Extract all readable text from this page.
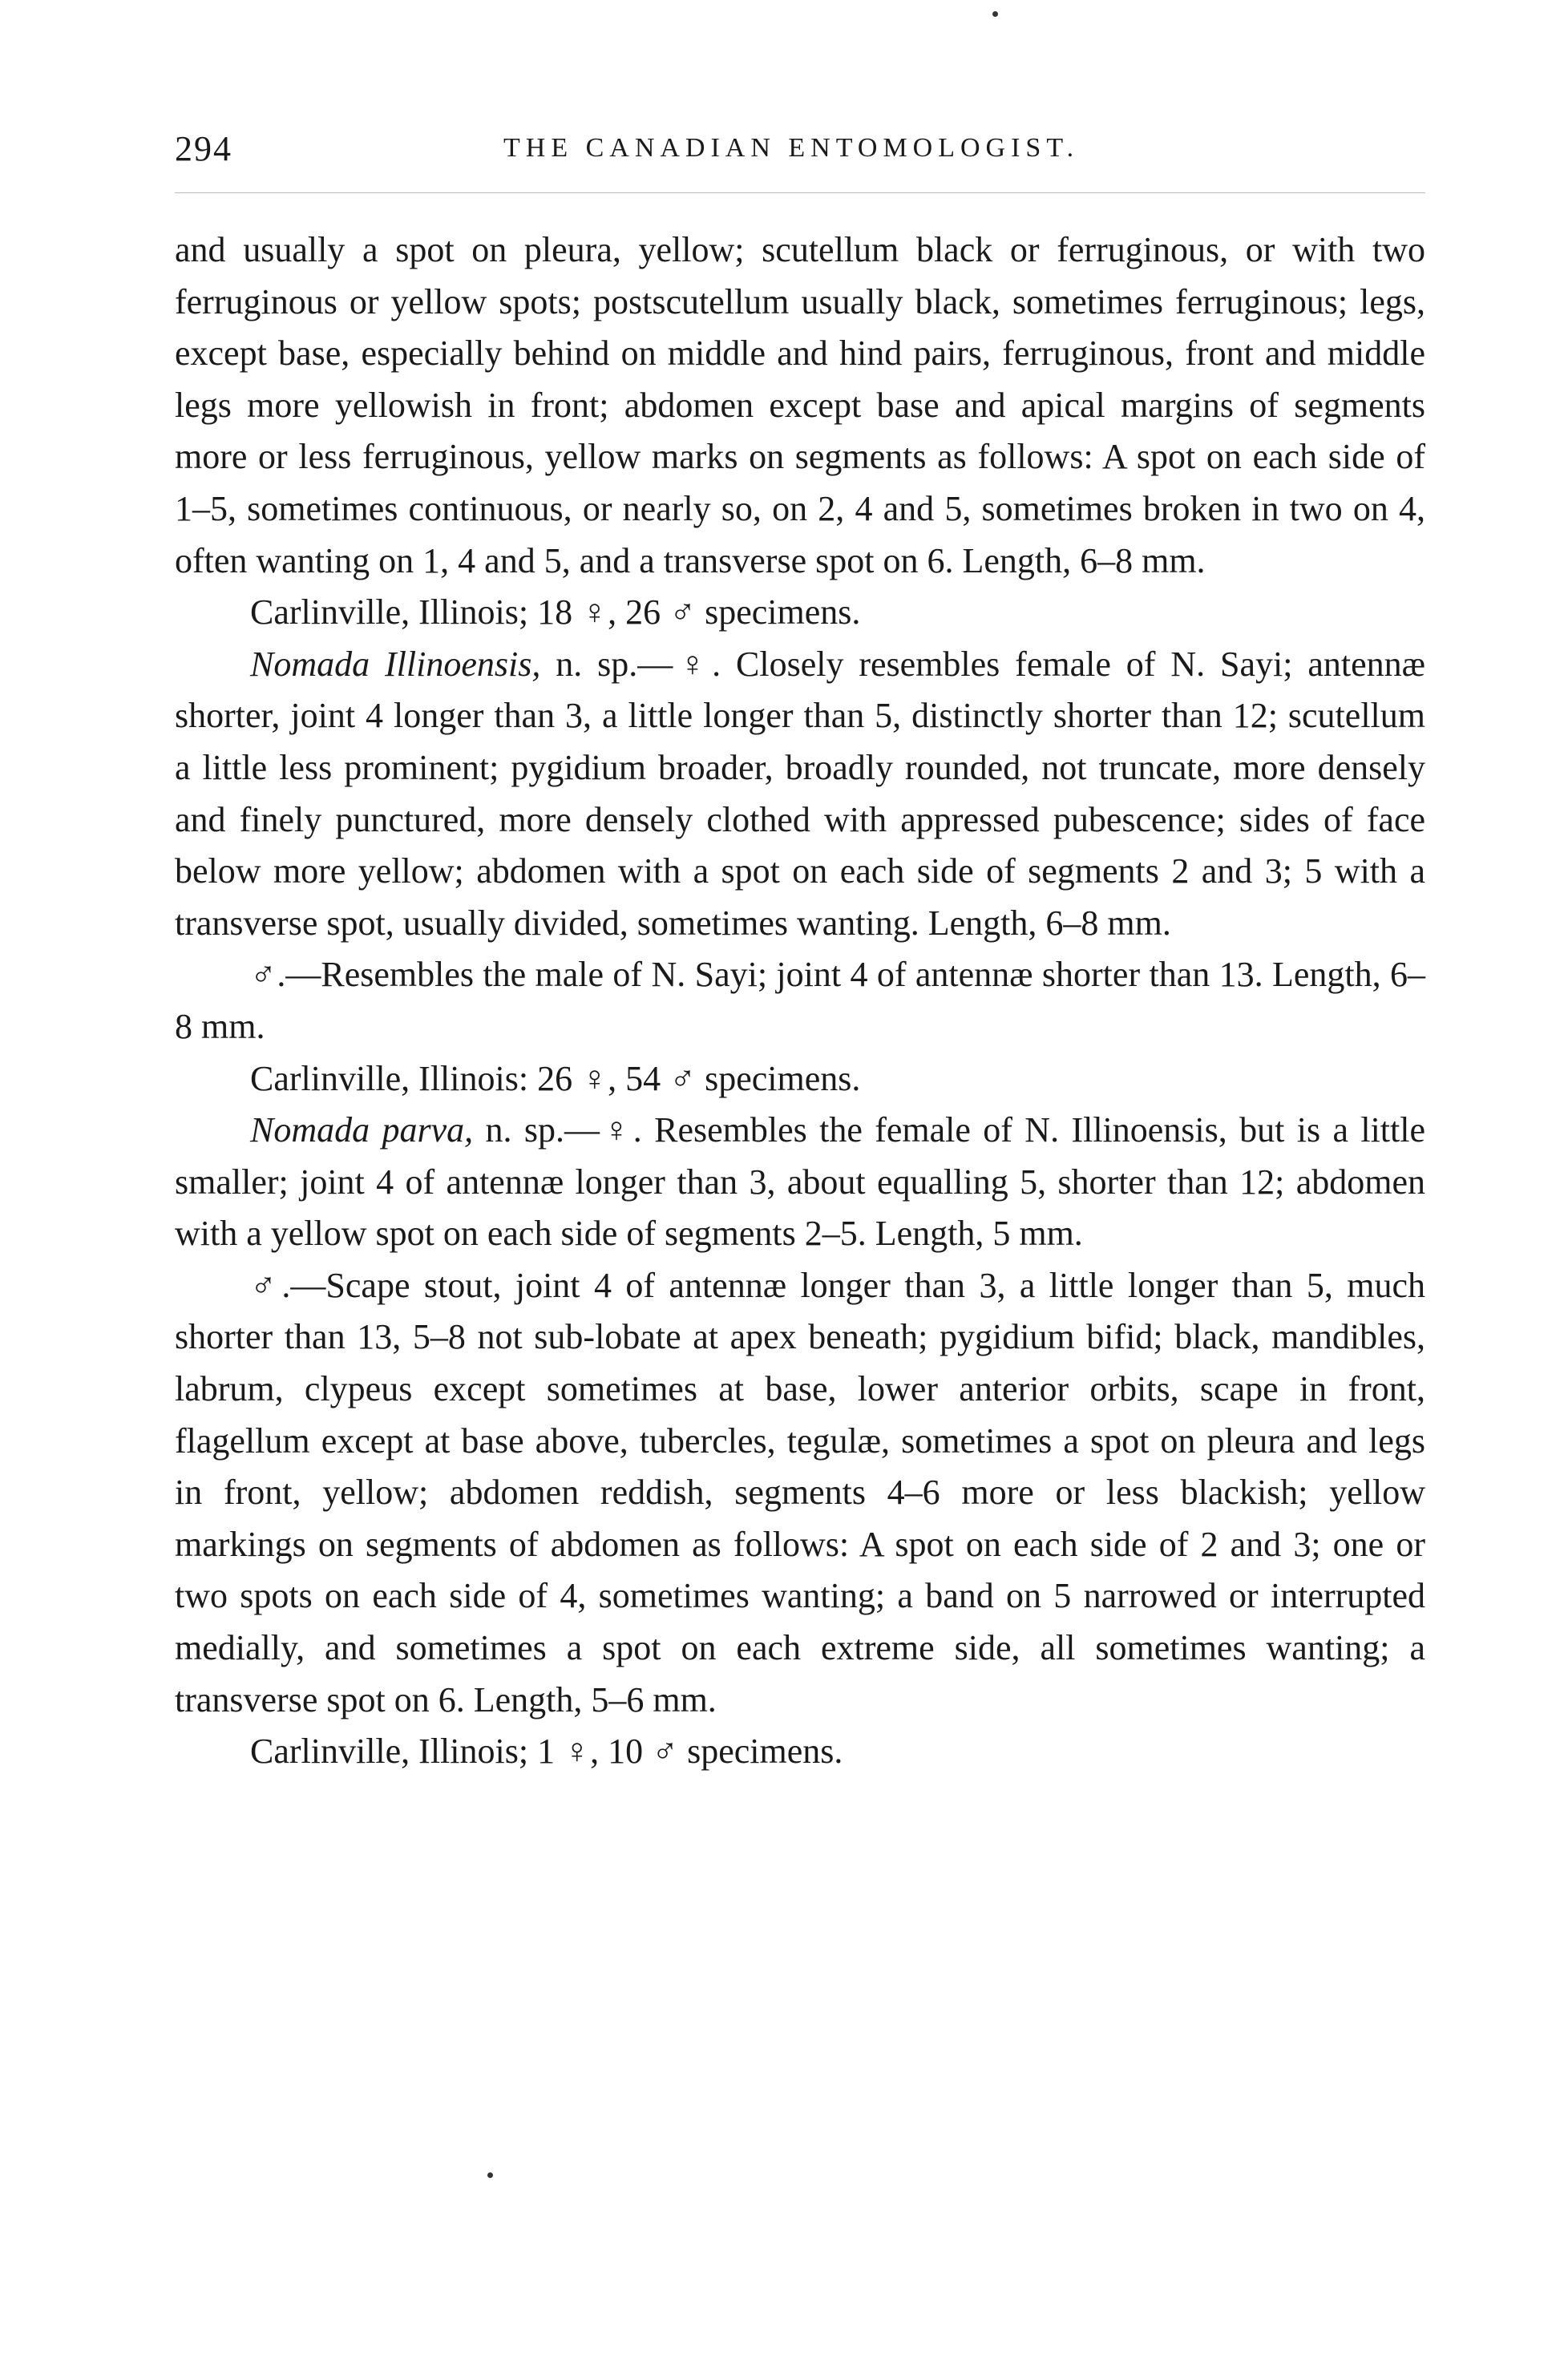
294	THE CANADIAN ENTOMOLOGIST.

and usually a spot on pleura, yellow; scutellum black or ferruginous, or with two ferruginous or yellow spots; postscutellum usually black, sometimes ferruginous; legs, except base, especially behind on middle and hind pairs, ferruginous, front and middle legs more yellowish in front; abdomen except base and apical margins of segments more or less ferruginous, yellow marks on segments as follows: A spot on each side of 1–5, sometimes continuous, or nearly so, on 2, 4 and 5, sometimes broken in two on 4, often wanting on 1, 4 and 5, and a transverse spot on 6. Length, 6–8 mm.

Carlinville, Illinois; 18 ♀, 26 ♂ specimens.

Nomada Illinoensis, n. sp.—♀. Closely resembles female of N. Sayi; antennæ shorter, joint 4 longer than 3, a little longer than 5, distinctly shorter than 12; scutellum a little less prominent; pygidium broader, broadly rounded, not truncate, more densely and finely punctured, more densely clothed with appressed pubescence; sides of face below more yellow; abdomen with a spot on each side of segments 2 and 3; 5 with a transverse spot, usually divided, sometimes wanting. Length, 6–8 mm.

♂.—Resembles the male of N. Sayi; joint 4 of antennæ shorter than 13. Length, 6–8 mm.

Carlinville, Illinois: 26 ♀, 54 ♂ specimens.

Nomada parva, n. sp.—♀. Resembles the female of N. Illinoensis, but is a little smaller; joint 4 of antennæ longer than 3, about equalling 5, shorter than 12; abdomen with a yellow spot on each side of segments 2–5. Length, 5 mm.

♂.—Scape stout, joint 4 of antennæ longer than 3, a little longer than 5, much shorter than 13, 5–8 not sub-lobate at apex beneath; pygidium bifid; black, mandibles, labrum, clypeus except sometimes at base, lower anterior orbits, scape in front, flagellum except at base above, tubercles, tegulæ, sometimes a spot on pleura and legs in front, yellow; abdomen reddish, segments 4–6 more or less blackish; yellow markings on segments of abdomen as follows: A spot on each side of 2 and 3; one or two spots on each side of 4, sometimes wanting; a band on 5 narrowed or interrupted medially, and sometimes a spot on each extreme side, all sometimes wanting; a transverse spot on 6. Length, 5–6 mm.

Carlinville, Illinois; 1 ♀, 10 ♂ specimens.
